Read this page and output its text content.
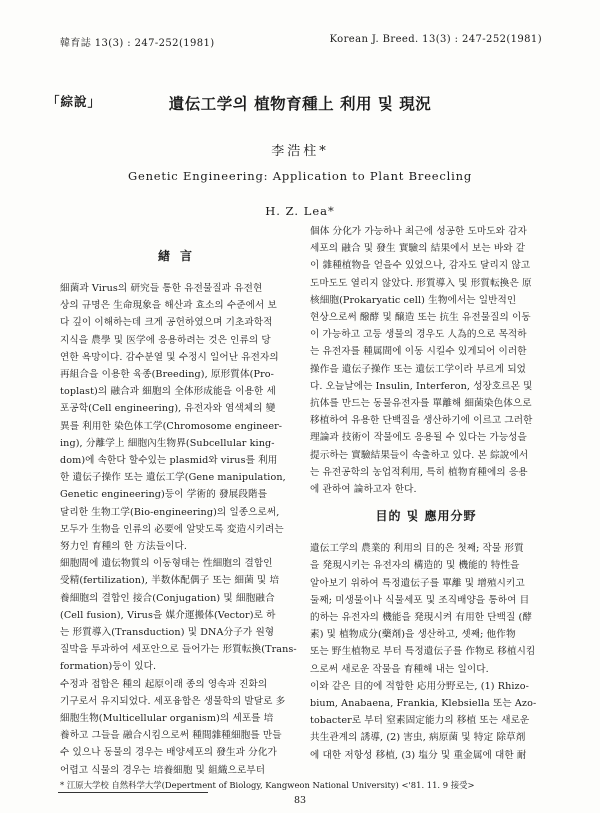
韓育誌 13(3) : 247-252(1981)	Korean J. Breed. 13(3) : 247-252(1981)
「綜說」	遺伝工学의 植物育種上 利用 및 現況
李浩柱*
Genetic Engineering: Application to Plant Breecling
H. Z. Lea*
緖言

細菌과 Virus의 研究들 통한 유전물질과 유전현

상의 규명은 生命現象을 해산과 효소의 수준에서 보

다 깊이 이해하는데 크게 공헌하였으며 기초과학적

지식을 農學 및 医学에 응용하려는 것은 인류의 당

연한 욕망이다. 감수분열 및 수정시 일어난 유전자의

再組合을 이용한 육종(Breeding), 原形質体(Pro-

toplast)의 融合과 細胞의 全体形成能을 이용한 세

포공학(Cell engineering), 유전자와 염색체의 變

異를 利用한 染色体工学(Chromosome engineer-

ing), 分離学上 細胞內生物界(Subcellular king-

dom)에 속한다 할수있는 plasmid와 virus를 利用

한 遺伝子操作 또는 遺伝工学(Gene manipulation,

Genetic engineering)등이 学術的 發展段階를

달리한 生物工学(Bio-engineering)의 일종으로써,

모두가 生物을 인류의 必要에 알맞도록 変造시키려는

努力인 育種의 한 方法들이다.

細胞間에 遺伝物質의 이동형태는 性細胞의 결합인

受精(fertilization), 半数体配偶子 또는 細菌 및 培

養細胞의 결합인 接合(Conjugation) 및 細胞融合

(Cell fusion), Virus을 媒介運搬体(Vector)로 하

는 形質導入(Transduction) 및 DNA分子가 원형

질막을 투과하여 세포안으로 들어가는 形質転換(Trans-

formation)등이 있다.

수정과 접합은 種의 起原이래 종의 영속과 진화의

기구로서 유지되었다. 세포융합은 생물학의 발달로 多

細胞生物(Multicellular organism)의 세포를 培

養하고 그들을 融合시킴으로써 種間雜種細胞를 만들

수 있으나 동물의 경우는 배양세포의 發生과 分化가

어렵고 식물의 경우는 培養細胞 및 組織으로부터

個体 分化가 가능하나 최근에 성공한 도마도와 감자

세포의 融合 및 發生 實驗의 結果에서 보는 바와 같

이 雜種植物을 얻을수 있었으나, 감자도 달리지 않고

도마도도 열리지 않았다. 形質導入 및 形質転換은 原

核細胞(Prokaryatic cell) 生物에서는 일반적인

현상으로써 醱酵 및 醸造 또는 抗生 유전물질의 이동

이 가능하고 고등 생물의 경우도 人為的으로 목적하

는 유전자를 種属間에 이동 시킬수 있게되어 이러한

操作을 遺伝子操作 또는 遺伝工学이라 부르게 되었

다. 오늘날에는 Insulin, Interferon, 성장호르몬 및

抗体를 만드는 동물유전자를 單離해 細菌染色体으로

移植하여 유용한 단백질을 생산하기에 이르고 그러한

理論과 技術이 작물에도 응용될 수 있다는 가능성을

提示하는 實驗結果들이 속출하고 있다. 본 綜說에서

는 유전공학의 농업적利用, 특히 植物育種에의 응용

에 관하여 論하고자 한다.

目的 및 應用分野

遺伝工学의 農業的 利用의 目的은 첫째; 작물 形質

을 発現시키는 유전자의 構造的 및 機能的 特性을

알아보기 위하여 특정遺伝子를 單離 및 增殖시키고

둘째; 미생물이나 식물세포 및 조직배양을 통하여 目

的하는 유전자의 機能을 発現시켜 有用한 단백질 (酵

素) 및 植物成分(藥剤)을 생산하고, 셋째; 他作物

또는 野生植物로 부터 특정遺伝子를 作物로 移植시킴

으로써 새로운 작물을 育種해 내는 일이다.

이와 같은 目的에 적합한 応用分野로는, (1) Rhizo-

bium, Anabaena, Frankia, Klebsiella 또는 Azo-

tobacter로 부터 窒素固定能力의 移植 또는 새로운

共生관계의 誘導, (2) 害虫, 病原菌 및 特定 除草剤

에 대한 저항성 移植, (3) 塩分 및 重金属에 대한 耐

* 江原大学校 自然科学大学(Depertment of Biology, Kangweon National University) <'81. 11. 9 接受>
83
